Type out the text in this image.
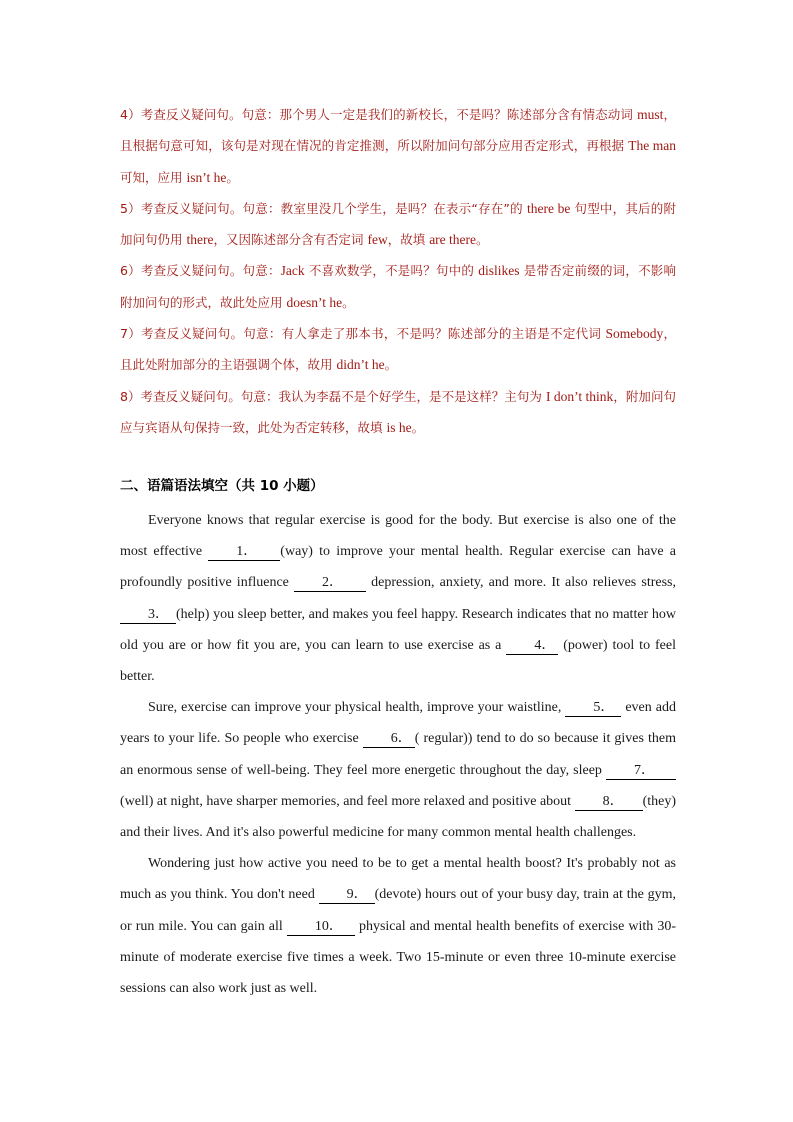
4）考查反义疑问句。句意：那个男人一定是我们的新校长，不是吗？陈述部分含有情态动词 must，且根据句意可知，该句是对现在情况的肯定推测，所以附加问句部分应用否定形式，再根据 The man 可知，应用 isn’t he。

5）考查反义疑问句。句意：教室里没几个学生，是吗？在表示“存在”的 there be 句型中，其后的附加问句仍用 there，又因陈述部分含有否定词 few，故填 are there。

6）考查反义疑问句。句意：Jack 不喜欢数学，不是吗？句中的 dislikes 是带否定前缀的词，不影响附加问句的形式，故此处应用 doesn’t he。

7）考查反义疑问句。句意：有人拿走了那本书，不是吗？陈述部分的主语是不定代词 Somebody，且此处附加部分的主语强调个体，故用 didn’t he。

8）考查反义疑问句。句意：我认为李磊不是个好学生，是不是这样？主句为 I don’t think，附加问句应与宾语从句保持一致，此处为否定转移，故填 is he。

二、语篇语法填空（共 10 小题）

Everyone knows that regular exercise is good for the body. But exercise is also one of the most effective 1． (way) to improve your mental health. Regular exercise can have a profoundly positive influence 2． depression, anxiety, and more. It also relieves stress, 3． (help) you sleep better, and makes you feel happy. Research indicates that no matter how old you are or how fit you are, you can learn to use exercise as a 4． (power) tool to feel better.

Sure, exercise can improve your physical health, improve your waistline, 5． even add years to your life. So people who exercise 6． ( regular)) tend to do so because it gives them an enormous sense of well-being. They feel more energetic throughout the day, sleep 7． (well) at night, have sharper memories, and feel more relaxed and positive about 8． (they) and their lives. And it's also powerful medicine for many common mental health challenges.

Wondering just how active you need to be to get a mental health boost? It's probably not as much as you think. You don't need 9． (devote) hours out of your busy day, train at the gym, or run mile. You can gain all 10． physical and mental health benefits of exercise with 30-minute of moderate exercise five times a week. Two 15-minute or even three 10-minute exercise sessions can also work just as well.
